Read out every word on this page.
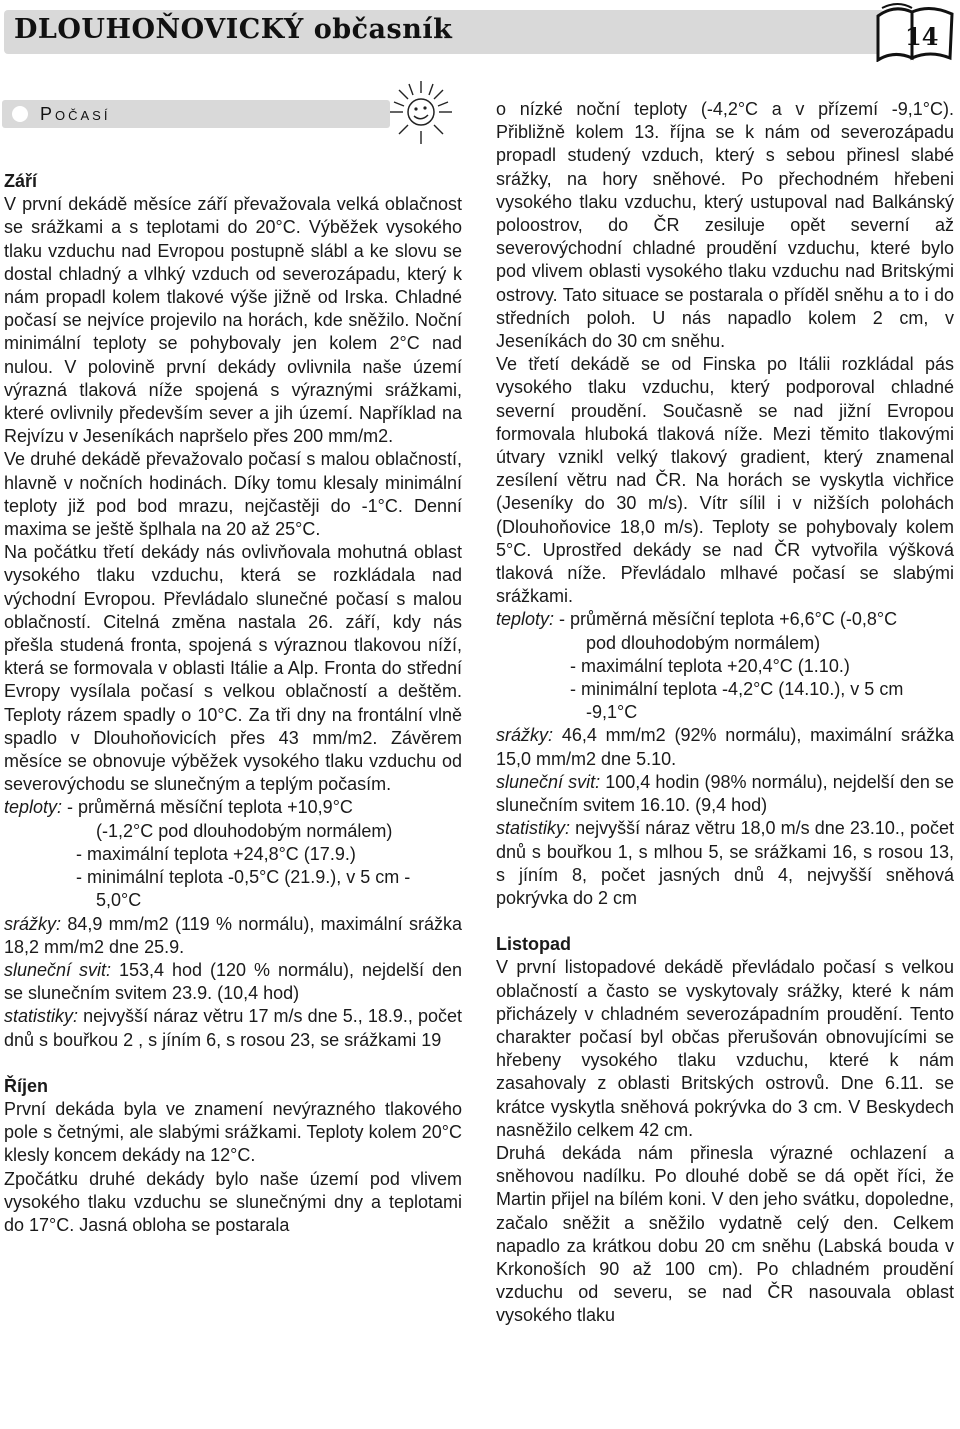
DLOUHOŇOVICKÝ občasník	14
Počasí
Září

V první dekádě měsíce září převažovala velká oblačnost se srážkami a s teplotami do 20°C. Výběžek vysokého tlaku vzduchu nad Evropou postupně slábl a ke slovu se dostal chladný a vlhký vzduch od severozápadu, který k nám propadl kolem tlakové výše jižně od Irska. Chladné počasí se nejvíce projevilo na horách, kde sněžilo. Noční minimální teploty se pohybovaly jen kolem 2°C nad nulou. V polovině první dekády ovlivnila naše území výrazná tlaková níže spojená s výraznými srážkami, které ovlivnily především sever a jih území. Například na Rejvízu v Jeseníkách napršelo přes 200 mm/m2.

Ve druhé dekádě převažovalo počasí s malou oblačností, hlavně v nočních hodinách. Díky tomu klesaly minimální teploty již pod bod mrazu, nejčastěji do -1°C. Denní maxima se ještě šplhala na 20 až 25°C.

Na počátku třetí dekády nás ovlivňovala mohutná oblast vysokého tlaku vzduchu, která se rozkládala nad východní Evropou. Převládalo slunečné počasí s malou oblačností. Citelná změna nastala 26. září, kdy nás přešla studená fronta, spojená s výraznou tlakovou níží, která se formovala v oblasti Itálie a Alp. Fronta do střední Evropy vysílala počasí s velkou oblačností a deštěm. Teploty rázem spadly o 10°C. Za tři dny na frontální vlně spadlo v Dlouhoňovicích přes 43 mm/m2. Závěrem měsíce se obnovuje výběžek vysokého tlaku vzduchu od severovýchodu se slunečným a teplým počasím.

teploty: - průměrná měsíční teplota +10,9°C
(-1,2°C pod dlouhodobým normálem)
- maximální teplota +24,8°C (17.9.)
- minimální teplota -0,5°C (21.9.), v 5 cm -
5,0°C

srážky: 84,9 mm/m2 (119 % normálu), maximální srážka 18,2 mm/m2 dne 25.9.

sluneční svit: 153,4 hod (120 % normálu), nejdelší den se slunečním svitem 23.9. (10,4 hod)

statistiky: nejvyšší náraz větru 17 m/s dne 5., 18.9., počet dnů s bouřkou 2 , s jíním 6, s rosou 23, se srážkami 19

Říjen

První dekáda byla ve znamení nevýrazného tlakového pole s četnými, ale slabými srážkami. Teploty kolem 20°C klesly koncem dekády na 12°C.

Zpočátku druhé dekády bylo naše území pod vlivem vysokého tlaku vzduchu se slunečnými dny a teplotami do 17°C. Jasná obloha se postarala

o nízké noční teploty (-4,2°C a v přízemí -9,1°C). Přibližně kolem 13. října se k nám od severozápadu propadl studený vzduch, který s sebou přinesl slabé srážky, na hory sněhové. Po přechodném hřebeni vysokého tlaku vzduchu, který ustupoval nad Balkánský poloostrov, do ČR zesiluje opět severní až severovýchodní chladné proudění vzduchu, které bylo pod vlivem oblasti vysokého tlaku vzduchu nad Britskými ostrovy. Tato situace se postarala o příděl sněhu a to i do středních poloh. U nás napadlo kolem 2 cm, v Jeseníkách do 30 cm sněhu.

Ve třetí dekádě se od Finska po Itálii rozkládal pás vysokého tlaku vzduchu, který podporoval chladné severní proudění. Současně se nad jižní Evropou formovala hluboká tlaková níže. Mezi těmito tlakovými útvary vznikl velký tlakový gradient, který znamenal zesílení větru nad ČR. Na horách se vyskytla vichřice (Jeseníky do 30 m/s). Vítr sílil i v nižších polohách (Dlouhoňovice 18,0 m/s). Teploty se pohybovaly kolem 5°C. Uprostřed dekády se nad ČR vytvořila výšková tlaková níže. Převládalo mlhavé počasí se slabými srážkami.

teploty: - průměrná měsíční teplota +6,6°C (-0,8°C
pod dlouhodobým normálem)
- maximální teplota +20,4°C (1.10.)
- minimální teplota -4,2°C (14.10.), v 5 cm
-9,1°C

srážky: 46,4 mm/m2 (92% normálu), maximální srážka 15,0 mm/m2 dne 5.10.

sluneční svit: 100,4 hodin (98% normálu), nejdelší den se slunečním svitem 16.10. (9,4 hod)

statistiky: nejvyšší náraz větru 18,0 m/s dne 23.10., počet dnů s bouřkou 1, s mlhou 5, se srážkami 16, s rosou 13, s jíním 8, počet jasných dnů 4, nejvyšší sněhová pokrývka do 2 cm

Listopad

V první listopadové dekádě převládalo počasí s velkou oblačností a často se vyskytovaly srážky, které k nám přicházely v chladném severozápadním proudění. Tento charakter počasí byl občas přerušován obnovujícími se hřebeny vysokého tlaku vzduchu, které k nám zasahovaly z oblasti Britských ostrovů. Dne 6.11. se krátce vyskytla sněhová pokrývka do 3 cm. V Beskydech nasněžilo celkem 42 cm.

Druhá dekáda nám přinesla výrazné ochlazení a sněhovou nadílku. Po dlouhé době se dá opět říci, že Martin přijel na bílém koni. V den jeho svátku, dopoledne, začalo sněžit a sněžilo vydatně celý den. Celkem napadlo za krátkou dobu 20 cm sněhu (Labská bouda v Krkonoších 90 až 100 cm). Po chladném proudění vzduchu od severu, se nad ČR nasouvala oblast vysokého tlaku
